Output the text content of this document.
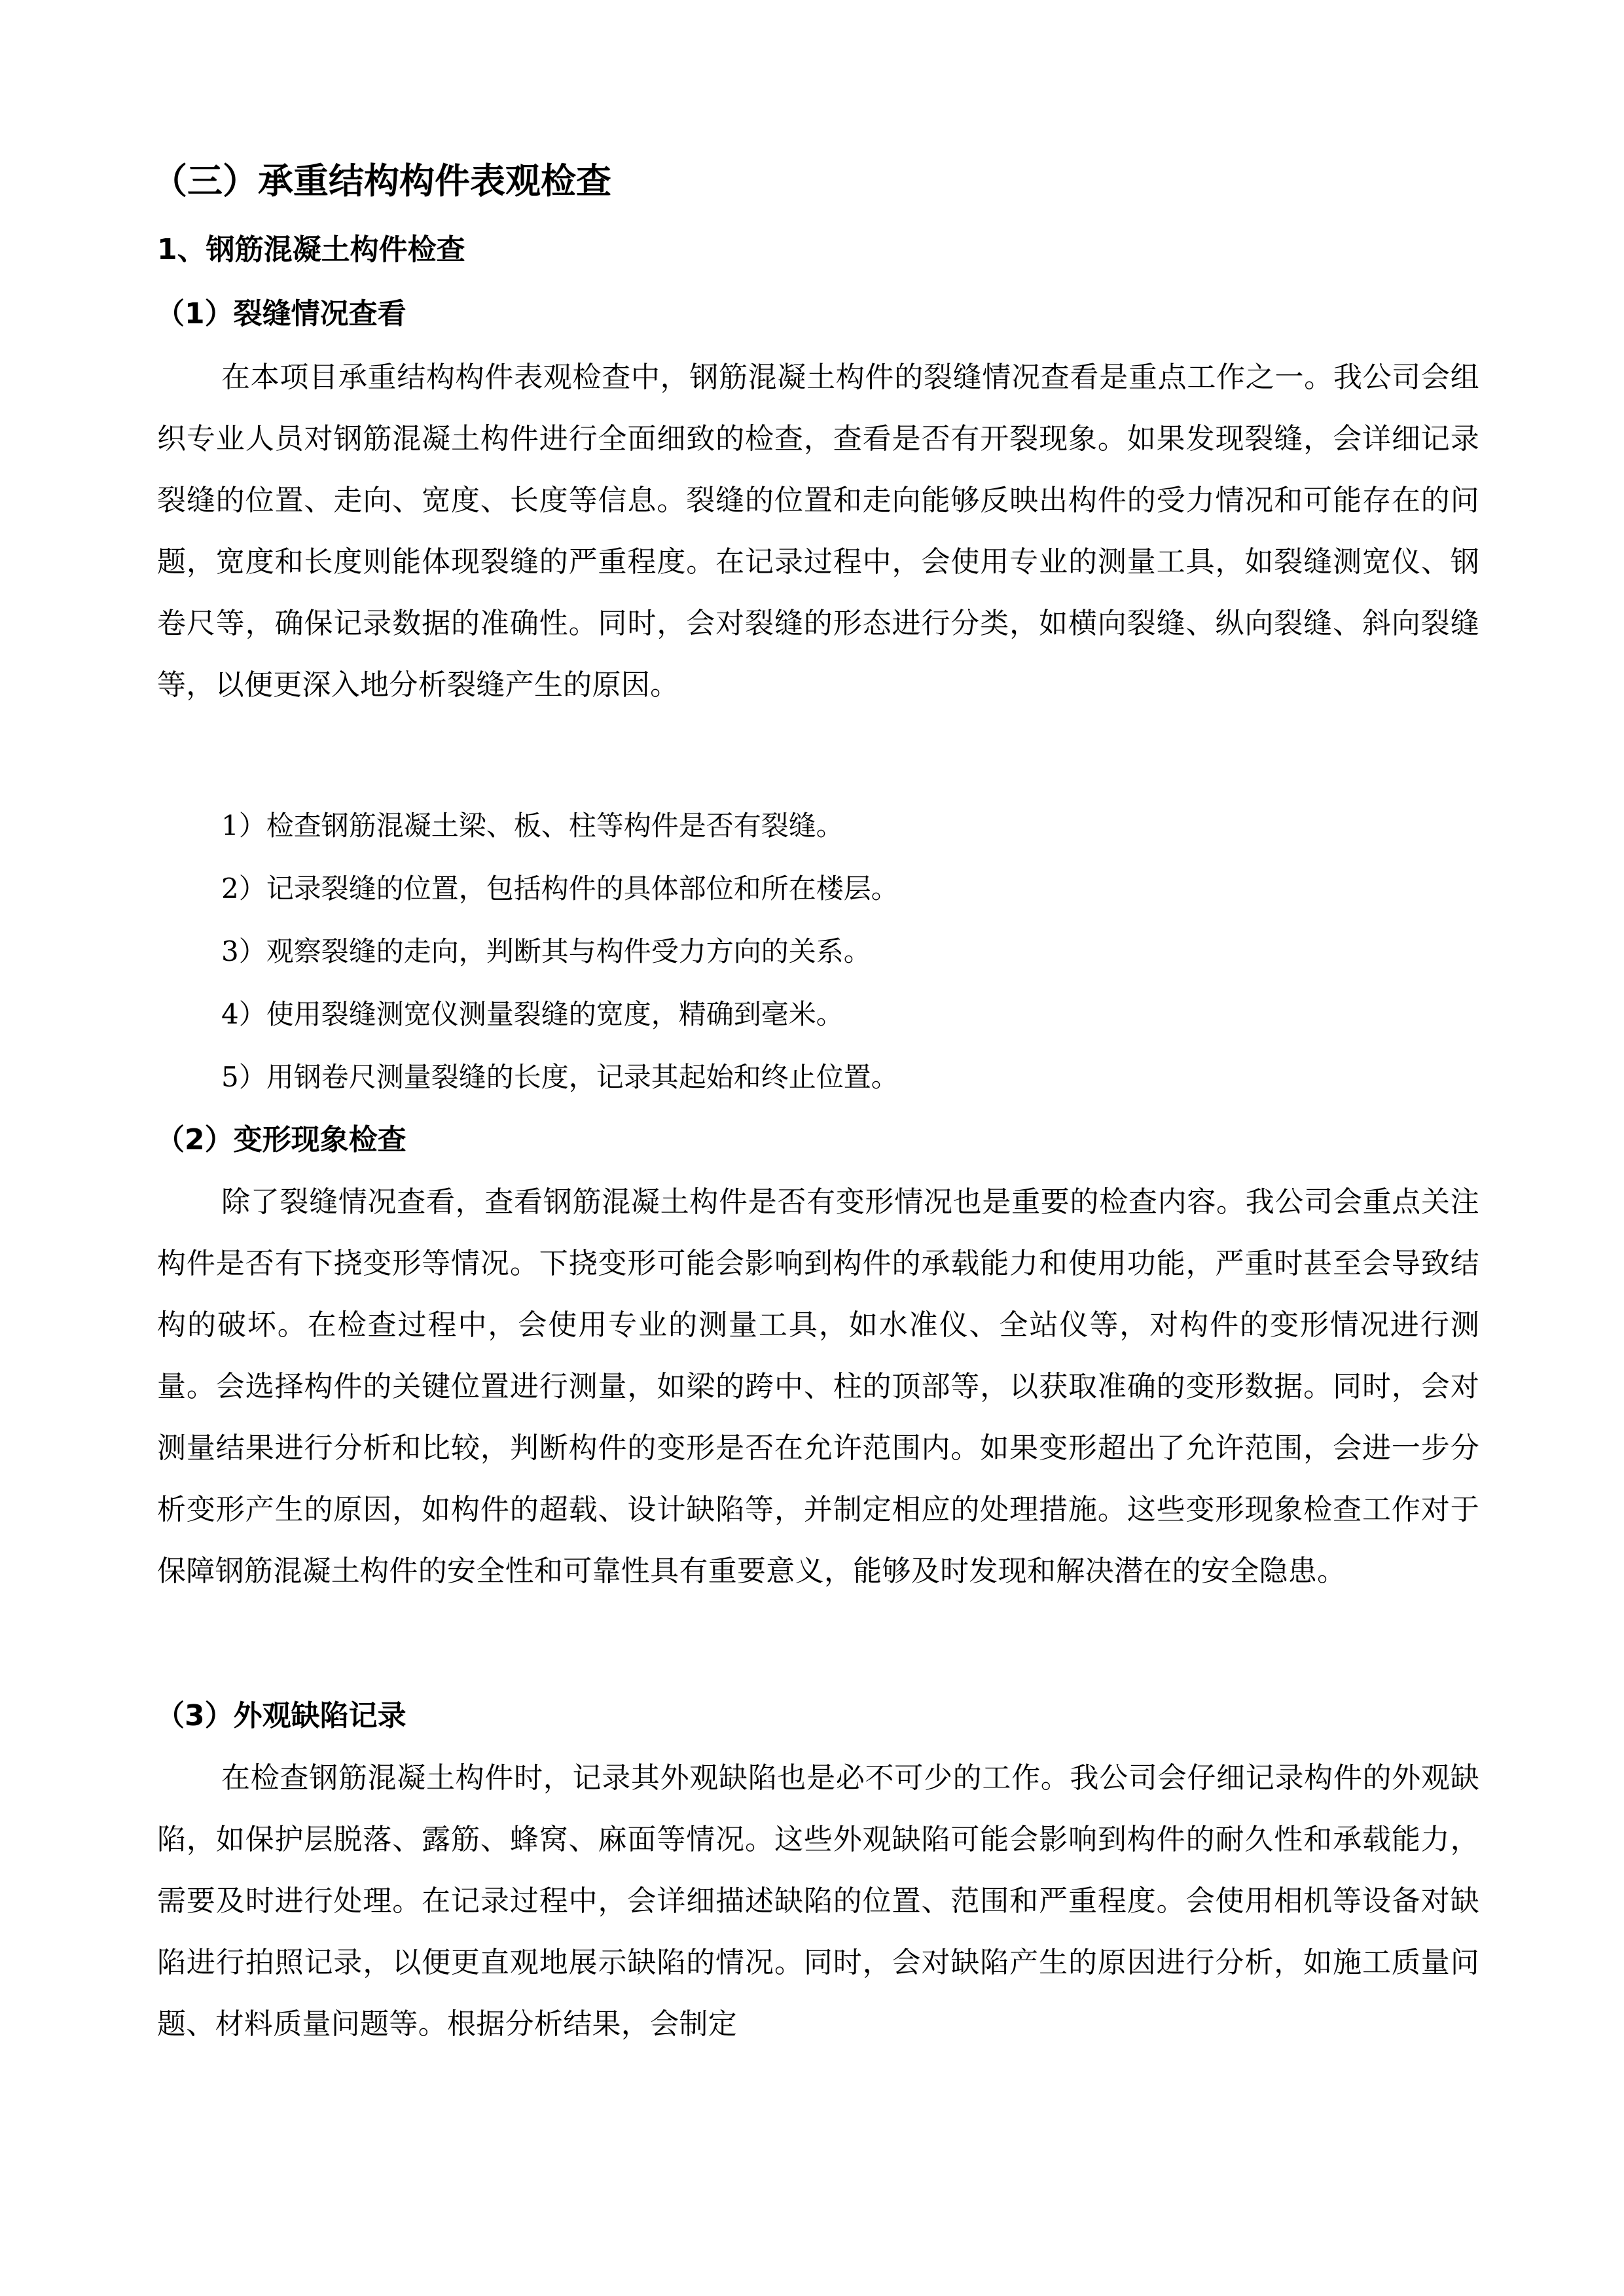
（三）承重结构构件表观检查
1、钢筋混凝土构件检查
（1）裂缝情况查看

在本项目承重结构构件表观检查中，钢筋混凝土构件的裂缝情况查看是重点工作之一。我公司会组织专业人员对钢筋混凝土构件进行全面细致的检查，查看是否有开裂现象。如果发现裂缝，会详细记录裂缝的位置、走向、宽度、长度等信息。裂缝的位置和走向能够反映出构件的受力情况和可能存在的问题，宽度和长度则能体现裂缝的严重程度。在记录过程中，会使用专业的测量工具，如裂缝测宽仪、钢卷尺等，确保记录数据的准确性。同时，会对裂缝的形态进行分类，如横向裂缝、纵向裂缝、斜向裂缝等，以便更深入地分析裂缝产生的原因。

1）检查钢筋混凝土梁、板、柱等构件是否有裂缝。

2）记录裂缝的位置，包括构件的具体部位和所在楼层。

3）观察裂缝的走向，判断其与构件受力方向的关系。

4）使用裂缝测宽仪测量裂缝的宽度，精确到毫米。

5）用钢卷尺测量裂缝的长度，记录其起始和终止位置。

（2）变形现象检查

除了裂缝情况查看，查看钢筋混凝土构件是否有变形情况也是重要的检查内容。我公司会重点关注构件是否有下挠变形等情况。下挠变形可能会影响到构件的承载能力和使用功能，严重时甚至会导致结构的破坏。在检查过程中，会使用专业的测量工具，如水准仪、全站仪等，对构件的变形情况进行测量。会选择构件的关键位置进行测量，如梁的跨中、柱的顶部等，以获取准确的变形数据。同时，会对测量结果进行分析和比较，判断构件的变形是否在允许范围内。如果变形超出了允许范围，会进一步分析变形产生的原因，如构件的超载、设计缺陷等，并制定相应的处理措施。这些变形现象检查工作对于保障钢筋混凝土构件的安全性和可靠性具有重要意义，能够及时发现和解决潜在的安全隐患。

（3）外观缺陷记录

在检查钢筋混凝土构件时，记录其外观缺陷也是必不可少的工作。我公司会仔细记录构件的外观缺陷，如保护层脱落、露筋、蜂窝、麻面等情况。这些外观缺陷可能会影响到构件的耐久性和承载能力，需要及时进行处理。在记录过程中，会详细描述缺陷的位置、范围和严重程度。会使用相机等设备对缺陷进行拍照记录，以便更直观地展示缺陷的情况。同时，会对缺陷产生的原因进行分析，如施工质量问题、材料质量问题等。根据分析结果，会制定
